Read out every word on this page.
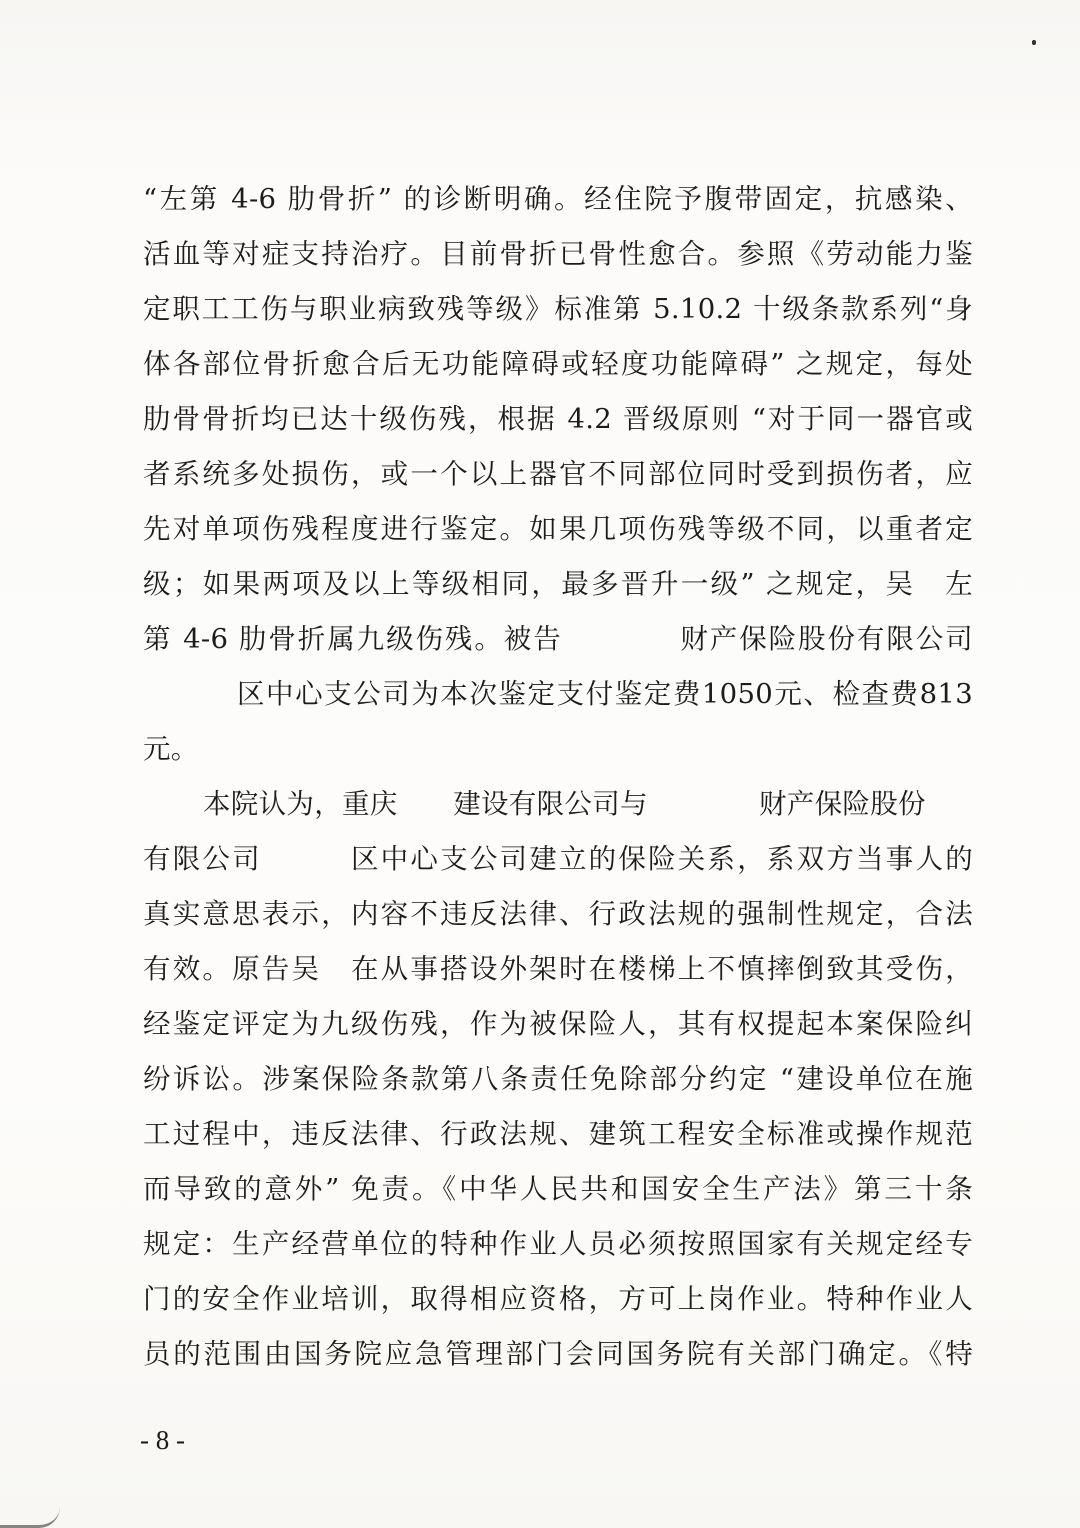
“左第 4-6 肋骨折” 的诊断明确。经住院予腹带固定，抗感染、
活血等对症支持治疗。目前骨折已骨性愈合。参照《劳动能力鉴
定职工工伤与职业病致残等级》标准第 5.10.2 十级条款系列“身
体各部位骨折愈合后无功能障碍或轻度功能障碍” 之规定，每处
肋骨骨折均已达十级伤残，根据 4.2 晋级原则 “对于同一器官或
者系统多处损伤，或一个以上器官不同部位同时受到损伤者，应
先对单项伤残程度进行鉴定。如果几项伤残等级不同，以重者定
级；如果两项及以上等级相同，最多晋升一级” 之规定，吴　左
第 4-6 肋骨折属九级伤残。被告　　　　财产保险股份有限公司
区中心支公司为本次鉴定支付鉴定费1050元、检查费813
元。
本院认为，重庆　　建设有限公司与　　　　财产保险股份
有限公司　　　区中心支公司建立的保险关系，系双方当事人的
真实意思表示，内容不违反法律、行政法规的强制性规定，合法
有效。原告吴　在从事搭设外架时在楼梯上不慎摔倒致其受伤，
经鉴定评定为九级伤残，作为被保险人，其有权提起本案保险纠
纷诉讼。涉案保险条款第八条责任免除部分约定 “建设单位在施
工过程中，违反法律、行政法规、建筑工程安全标准或操作规范
而导致的意外” 免责。《中华人民共和国安全生产法》第三十条
规定：生产经营单位的特种作业人员必须按照国家有关规定经专
门的安全作业培训，取得相应资格，方可上岗作业。特种作业人
员的范围由国务院应急管理部门会同国务院有关部门确定。《特
- 8 -
